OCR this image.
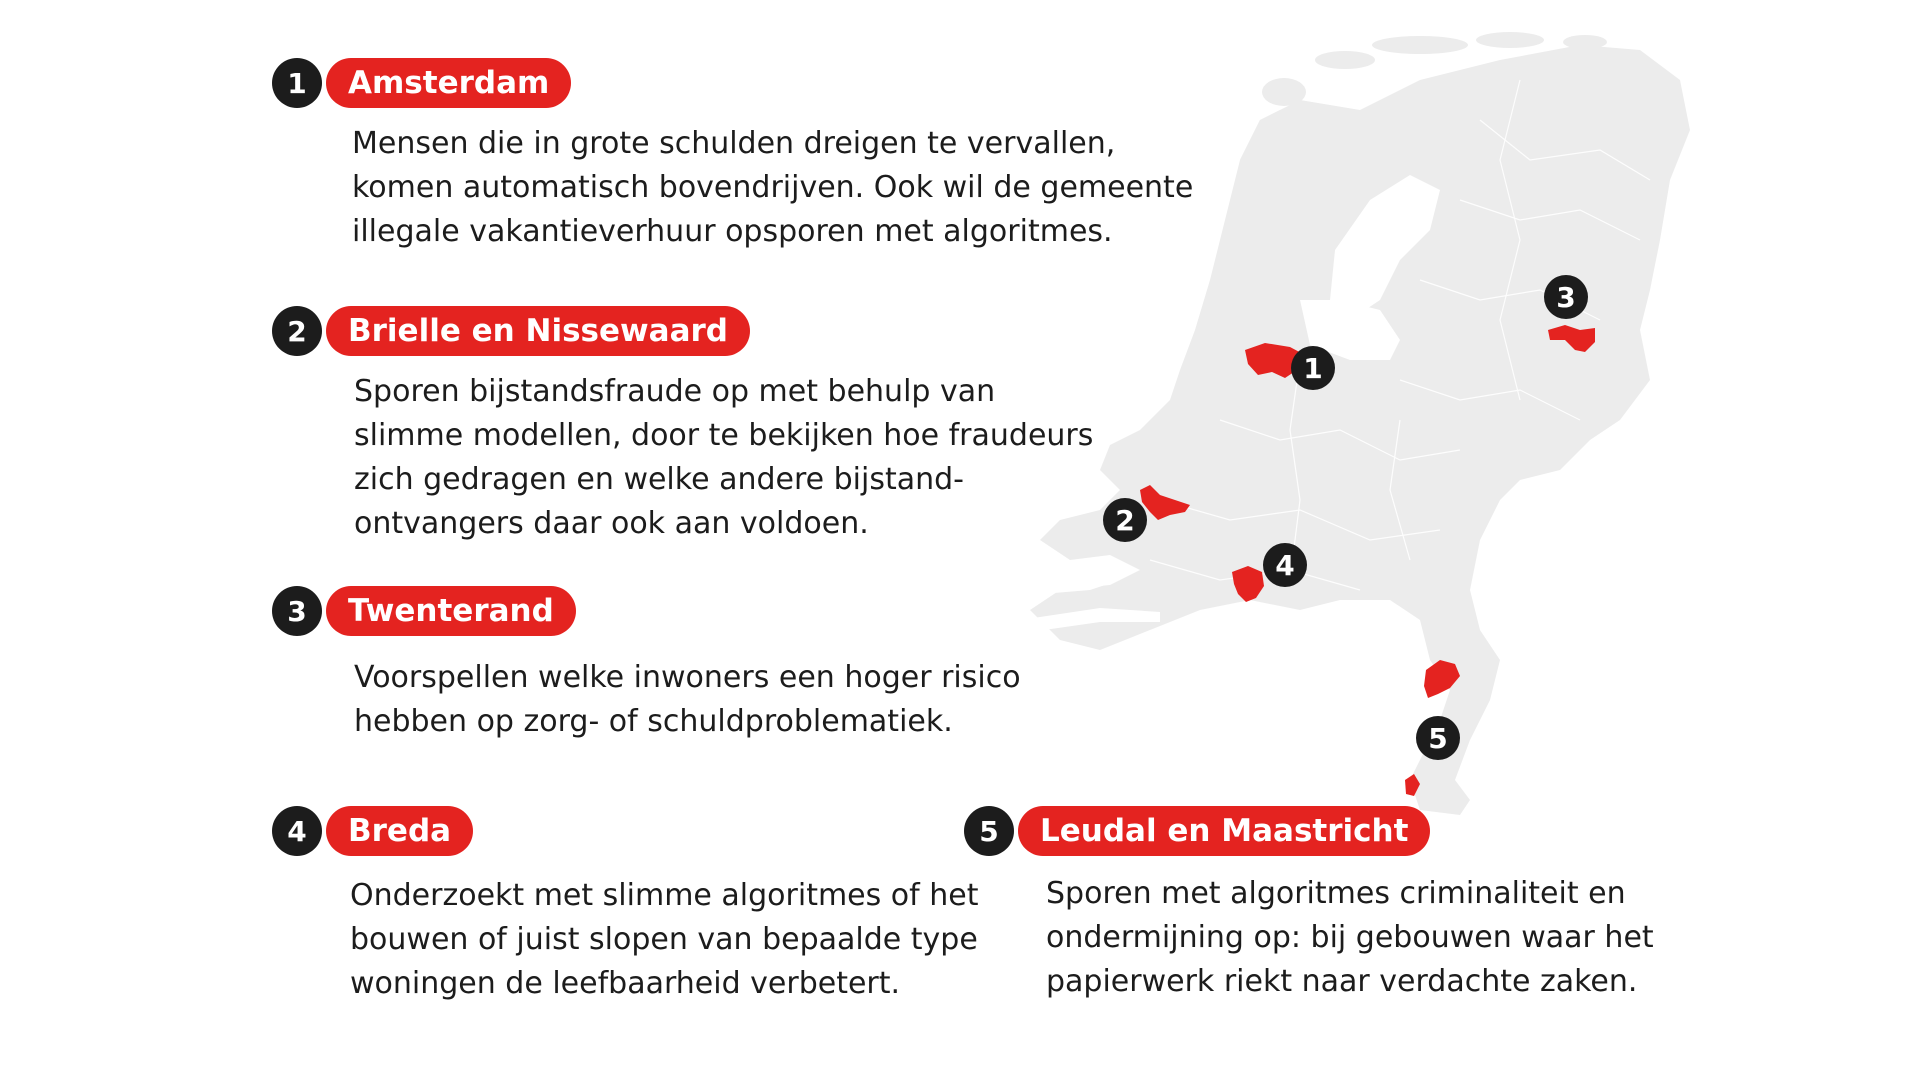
1
2
3
4
5
1	Amsterdam
Mensen die in grote schulden dreigen te vervallen,
komen automatisch bovendrijven. Ook wil de gemeente
illegale vakantieverhuur opsporen met algoritmes.
2	Brielle en Nissewaard
Sporen bijstandsfraude op met behulp van
slimme modellen, door te bekijken hoe fraudeurs
zich gedragen en welke andere bijstand-
ontvangers daar ook aan voldoen.
3	Twenterand
Voorspellen welke inwoners een hoger risico
hebben op zorg- of schuldproblematiek.
4	Breda
Onderzoekt met slimme algoritmes of het
bouwen of juist slopen van bepaalde type
woningen de leefbaarheid verbetert.
5	Leudal en Maastricht
Sporen met algoritmes criminaliteit en
ondermijning op: bij gebouwen waar het
papierwerk riekt naar verdachte zaken.
